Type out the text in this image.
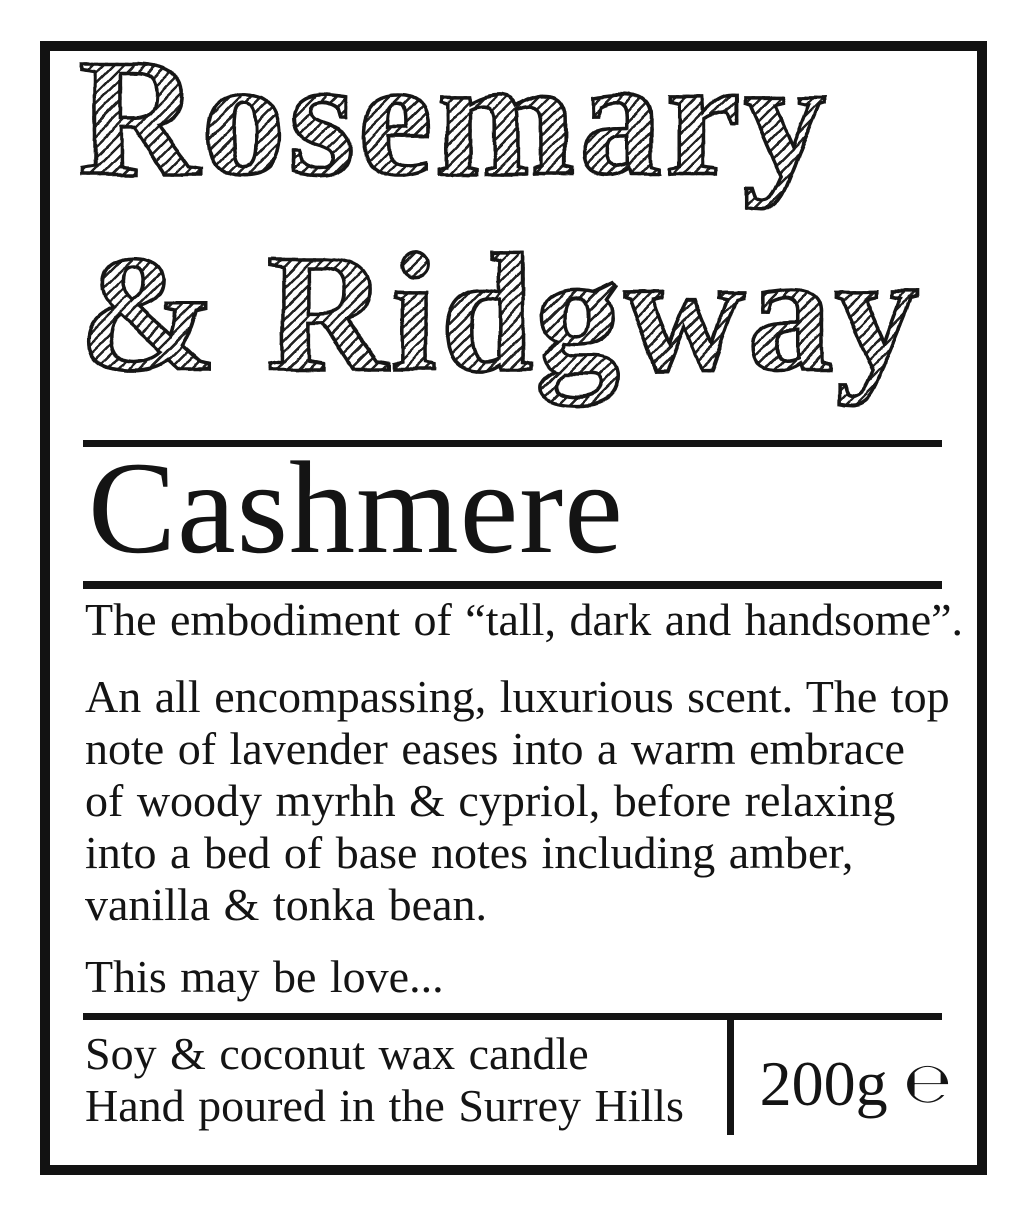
Rosemary
& Ridgway
Cashmere

The embodiment of “tall, dark and handsome”.

An all encompassing, luxurious scent. The top

note of lavender eases into a warm embrace

of woody myrhh & cypriol, before relaxing

into a bed of base notes including amber,

vanilla & tonka bean.

This may be love...

Soy & coconut wax candle

Hand poured in the Surrey Hills	200g ℮
